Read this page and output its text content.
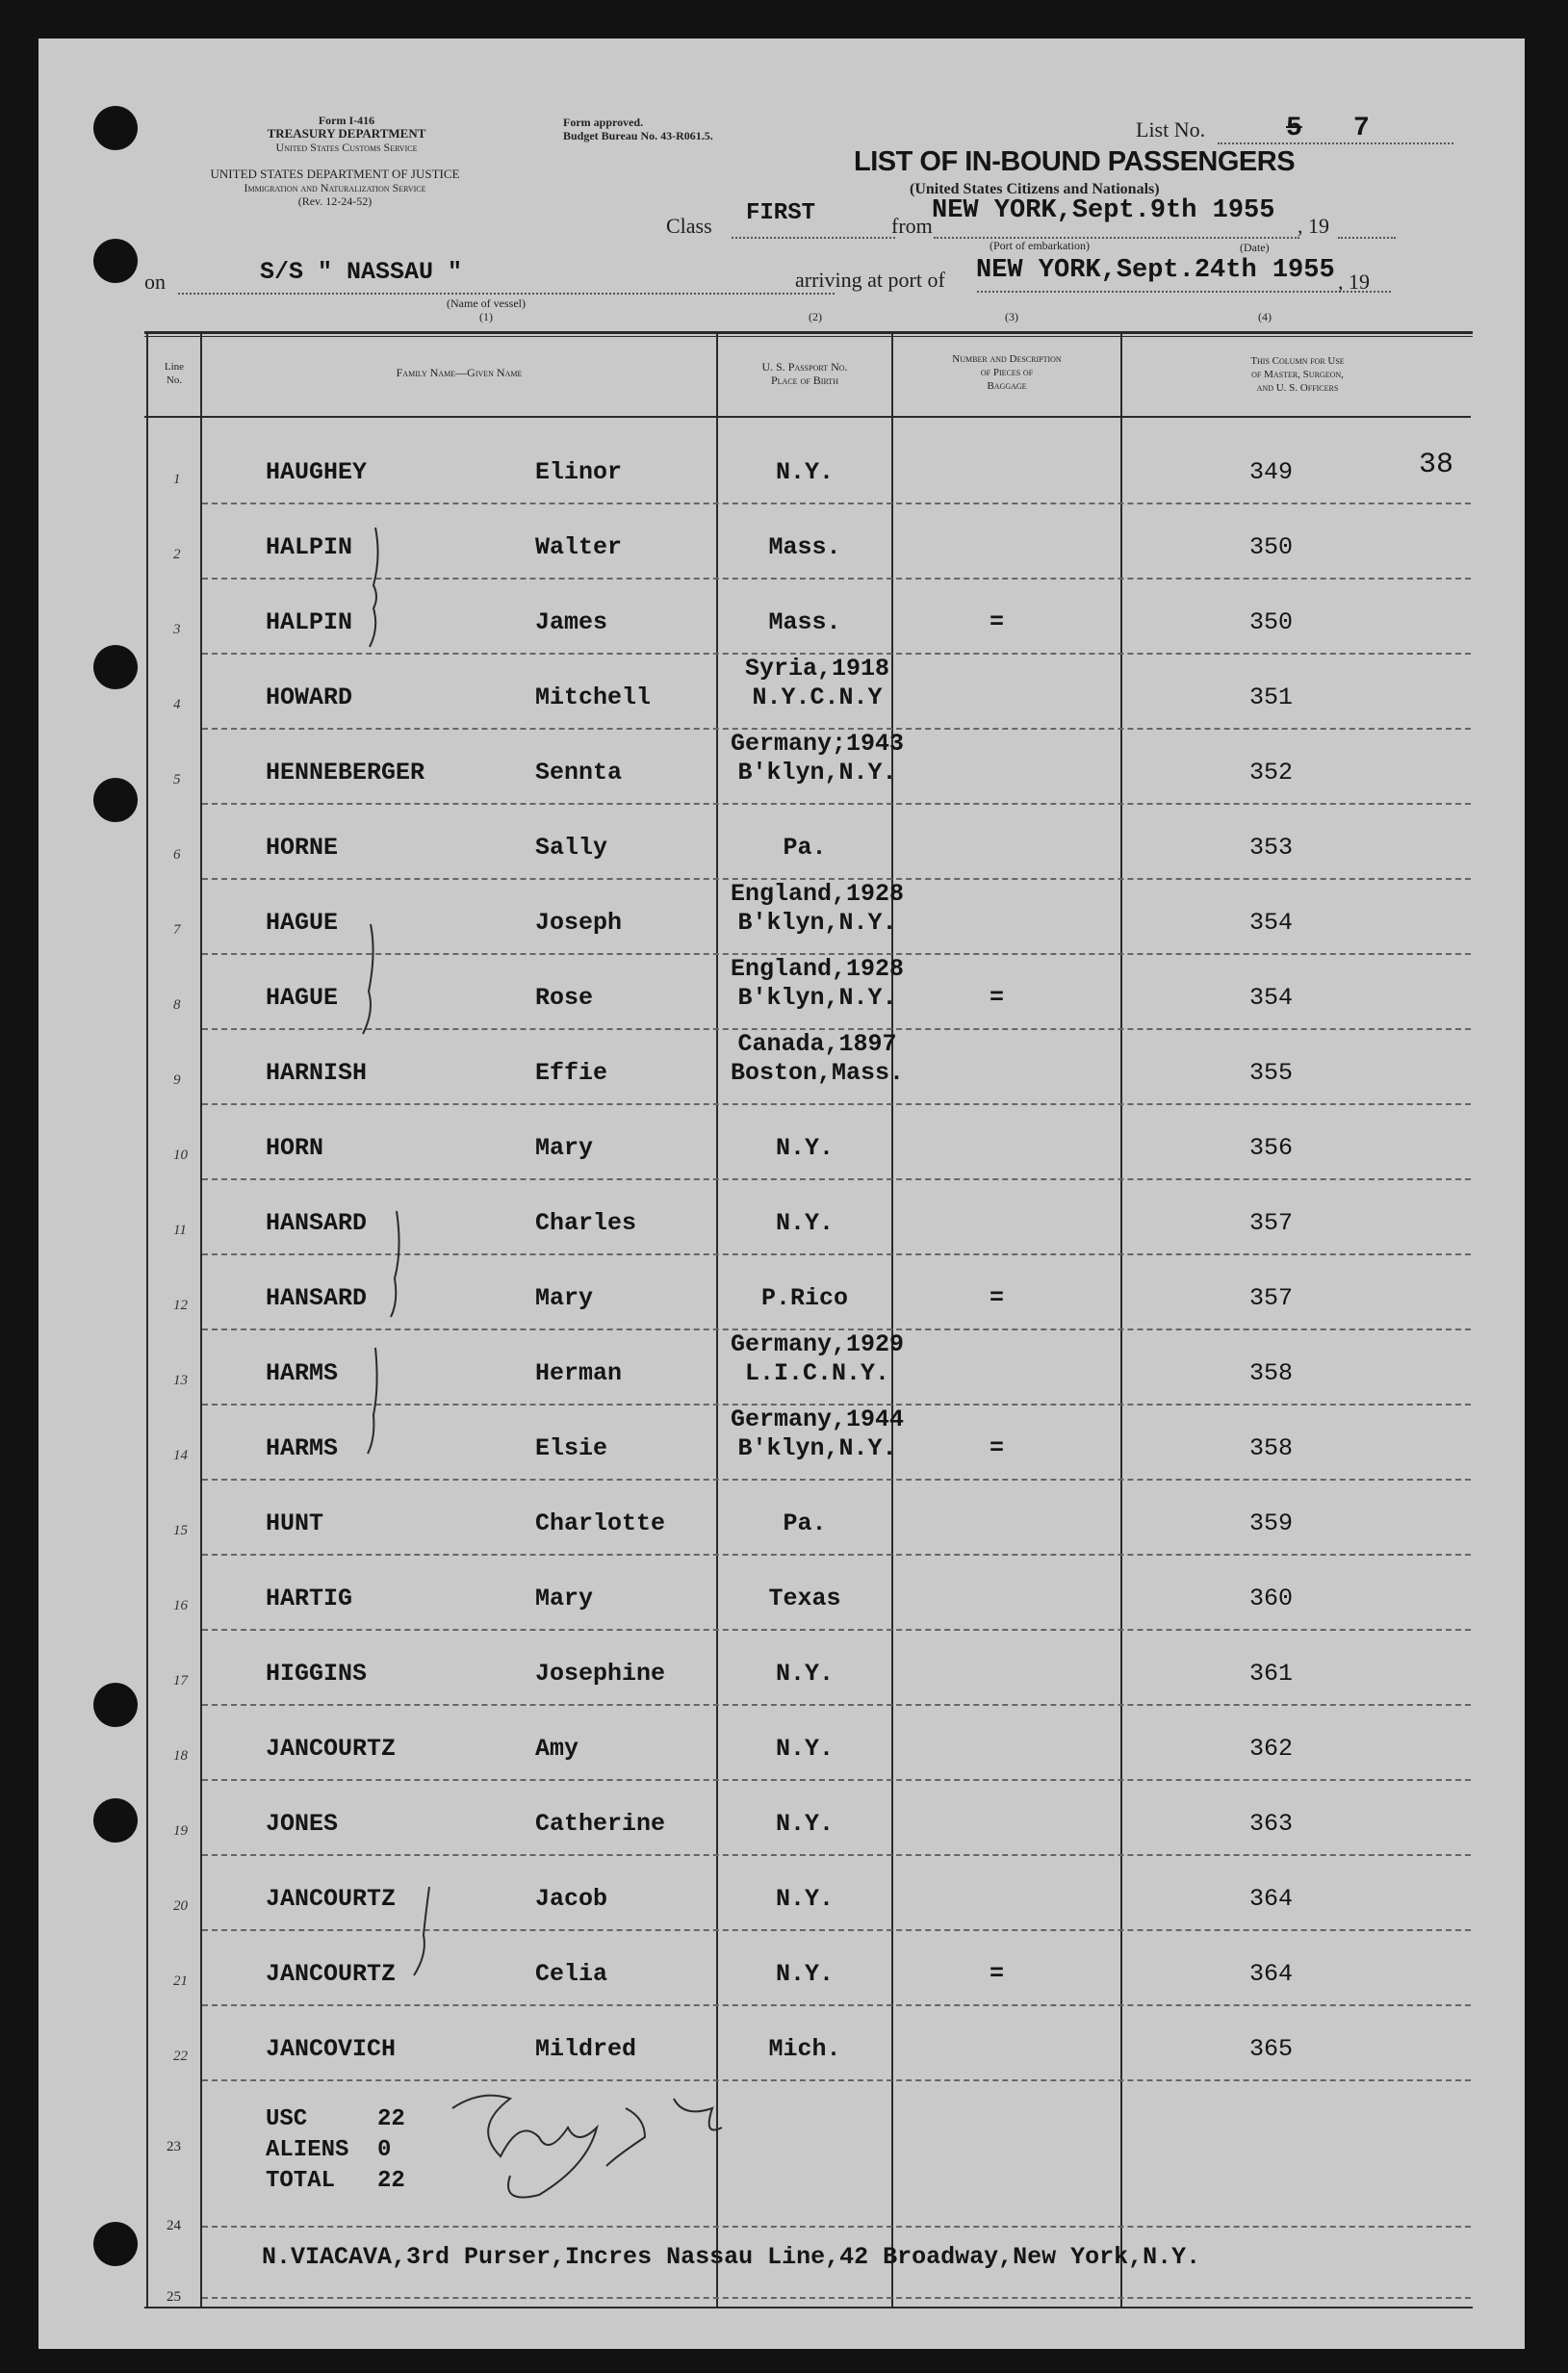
Form I-416
TREASURY DEPARTMENT
United States Customs Service
UNITED STATES DEPARTMENT OF JUSTICE
Immigration and Naturalization Service
(Rev. 12-24-52)
Form approved.
Budget Bureau No. 43-R061.5.	List No.	5 7
LIST OF IN-BOUND PASSENGERS
(United States Citizens and Nationals)
Class FIRST	from
NEW YORK,Sept.9th 1955
, 19
(Port of embarkation)	(Date)
on	S/S " NASSAU "
(Name of vessel)
(1)
arriving at port of NEW YORK,Sept.24th 1955 , 19
(2)	(3)	(4)
Line
No.
Family Name—Given Name	U. S. Passport No.
Place of Birth
Number and Description
of Pieces of
Baggage
This Column for Use
of Master, Surgeon,
and U. S. Officers
1	HAUGHEY	Elinor	N.Y.	349
2	HALPIN	Walter	Mass.	350
3	HALPIN	James	Mass.	=	350
4	HOWARD	Mitchell
Syria,1918
N.Y.C.N.Y	351
5	HENNEBERGER	Sennta
Germany;1943
B'klyn,N.Y.	352
6	HORNE	Sally	Pa.	353
7	HAGUE	Joseph
England,1928
B'klyn,N.Y.	354
8	HAGUE	Rose
England,1928
B'klyn,N.Y.	=	354
9	HARNISH	Effie
Canada,1897
Boston,Mass.	355
10	HORN	Mary	N.Y.	356
11	HANSARD	Charles	N.Y.	357
12	HANSARD	Mary	P.Rico	=	357
13	HARMS	Herman
Germany,1929
L.I.C.N.Y.	358
14	HARMS	Elsie
Germany,1944
B'klyn,N.Y.	=	358
15	HUNT	Charlotte	Pa.	359
16	HARTIG	Mary	Texas	360
17	HIGGINS	Josephine	N.Y.	361
18	JANCOURTZ	Amy	N.Y.	362
19	JONES	Catherine	N.Y.	363
20	JANCOURTZ	Jacob	N.Y.	364
21	JANCOURTZ	Celia	N.Y.	=	364
22	JANCOVICH	Mildred	Mich.	365
USC	22
ALIENS 0
TOTAL 22
23
24
25
N.VIACAVA,3rd Purser,Incres Nassau Line,42 Broadway,New York,N.Y.
38
